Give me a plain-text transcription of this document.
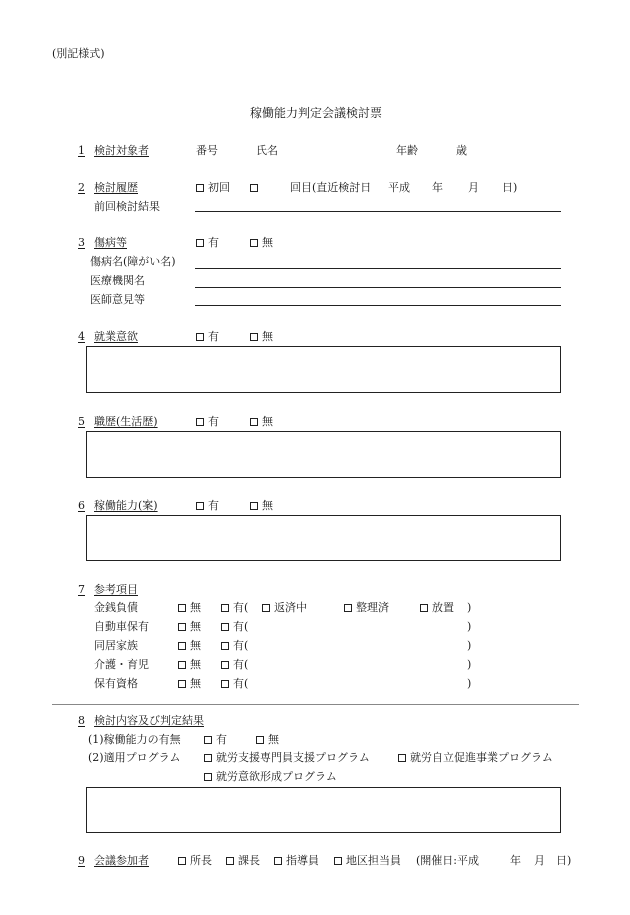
(別記様式)
稼働能力判定会議検討票
1 検討対象者	番号	氏名	年齢	歳
2 検討履歴	初回	回目(直近検討日 平成 年 月 日)
前回検討結果
3 傷病等	有	無
傷病名(障がい名)
医療機関名
医師意見等
4 就業意欲	有	無
5 職歴(生活歴)	有	無
6 稼働能力(案)	有	無
7 参考項目
金銭負債	無	有(	返済中	整理済	放置 )
自動車保有	無	有(	)
同居家族	無	有(	)
介護・育児	無	有(	)
保有資格	無	有(	)
8 検討内容及び判定結果
(1)稼働能力の有無	有	無
(2)適用プログラム	就労支援専門員支援プログラム	就労自立促進事業プログラム
就労意欲形成プログラム
9 会議参加者	所長	課長	指導員	地区担当員 (開催日:平成	年 月 日)
